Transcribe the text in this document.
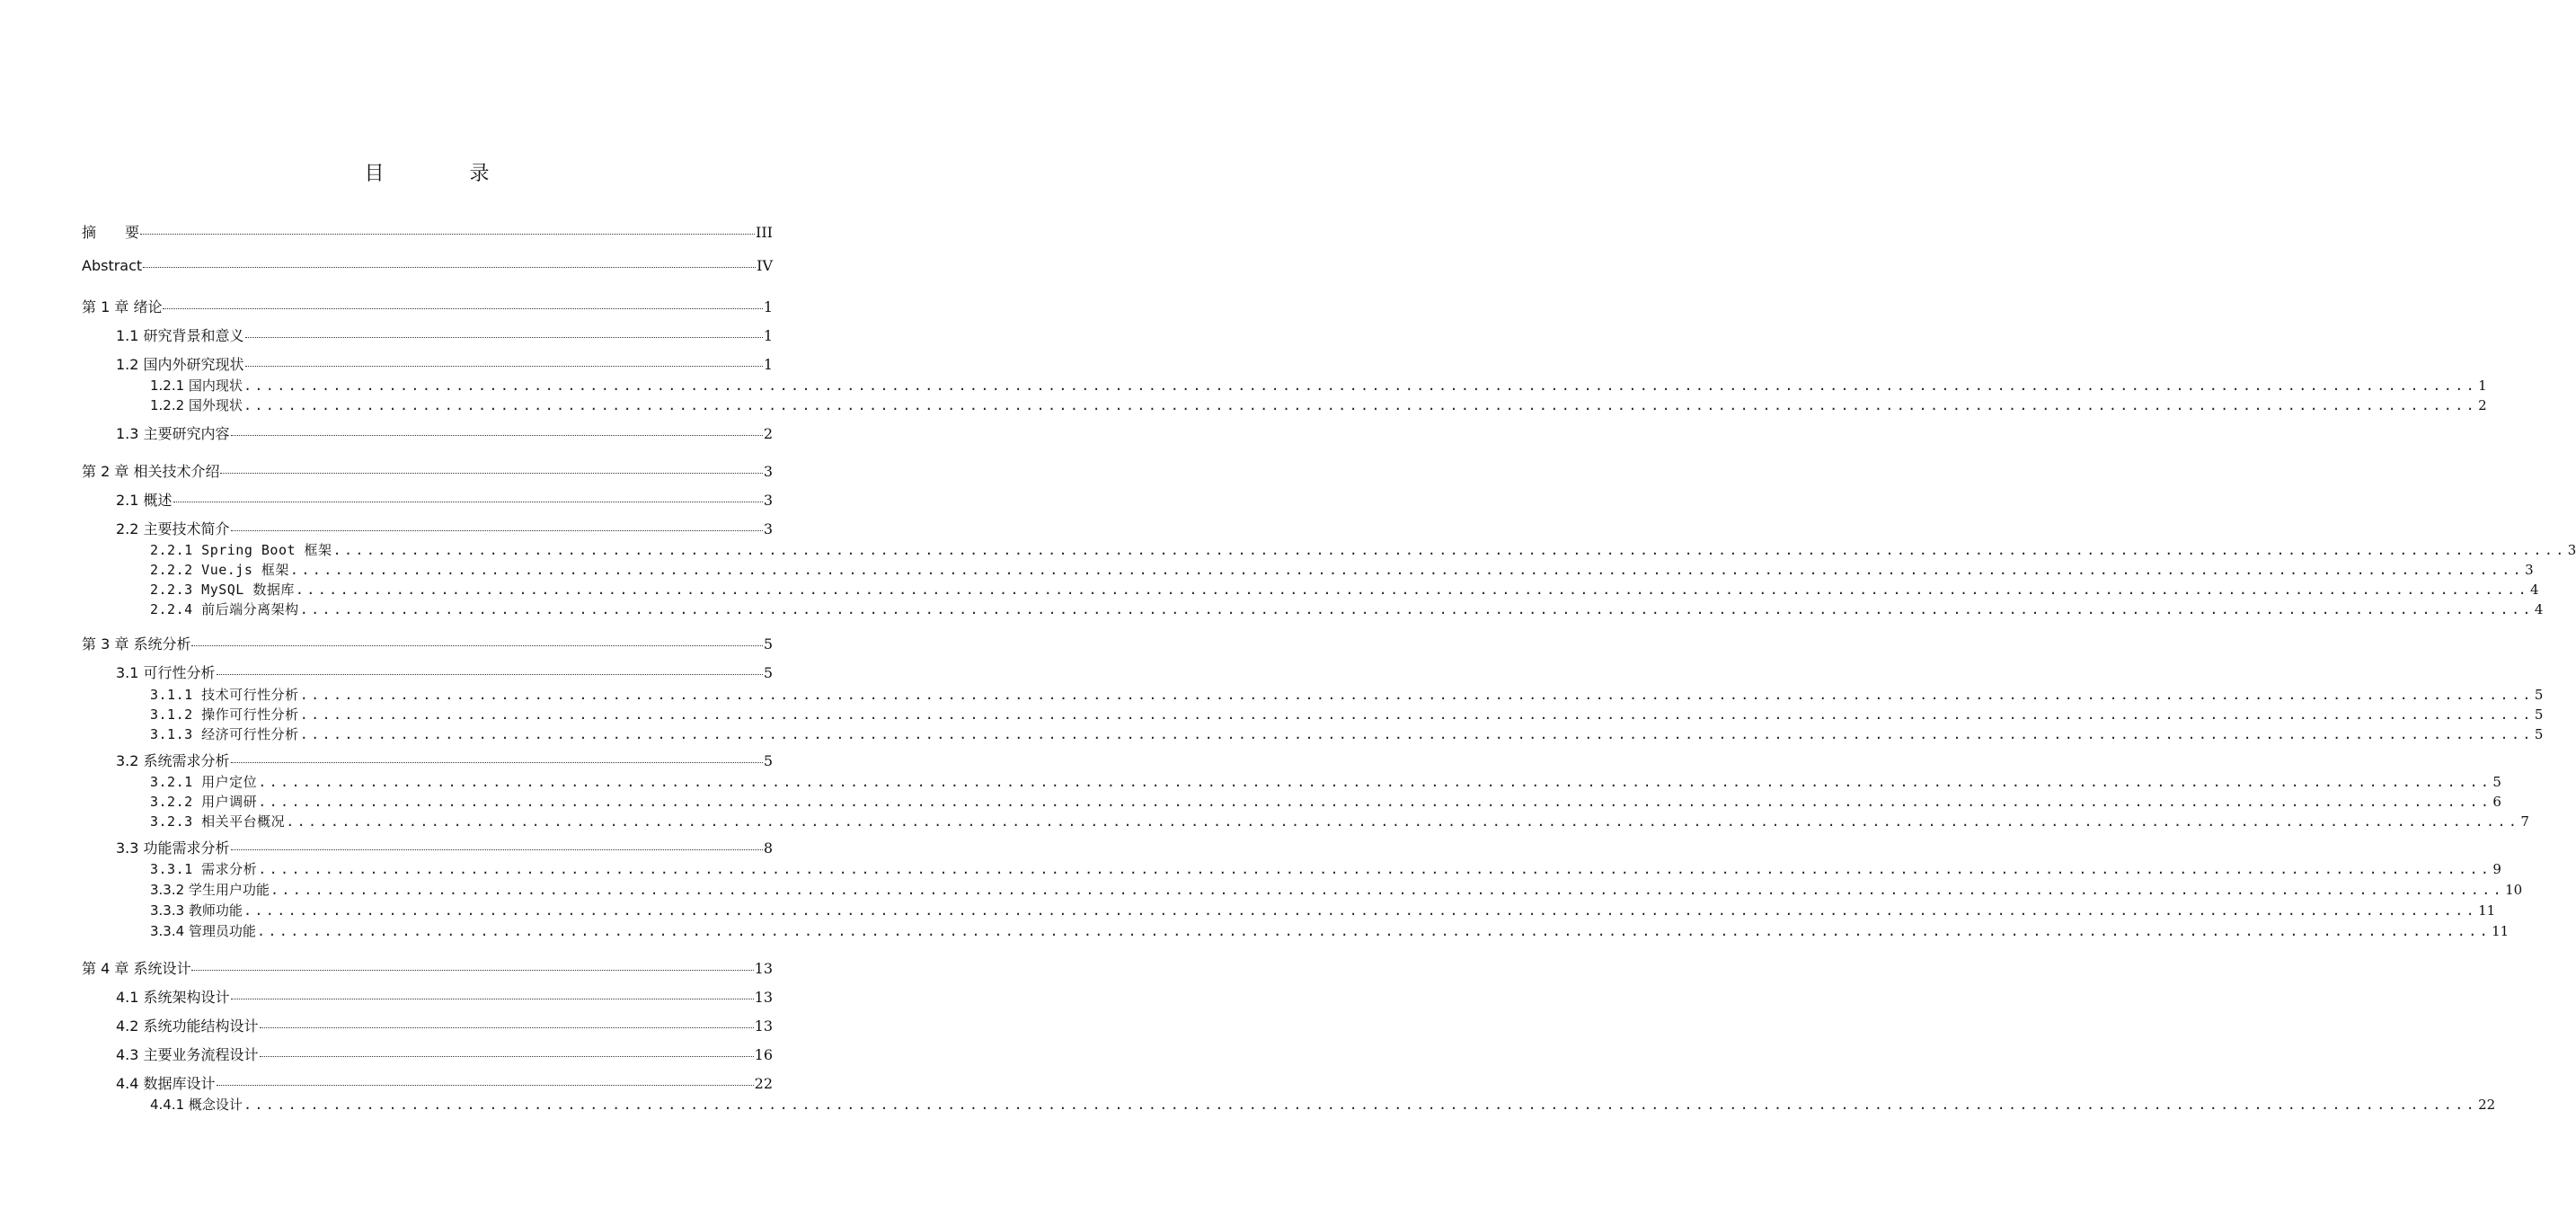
目 录
摘　　要	III
Abstract	IV
第 1 章 绪论	1
1.1 研究背景和意义	1
1.2 国内外研究现状	1
1.2.1 国内现状 ........................................................................................................................................................................................................ 1
1.2.2 国外现状 ........................................................................................................................................................................................................ 2
1.3 主要研究内容	2
第 2 章 相关技术介绍	3
2.1 概述	3
2.2 主要技术简介	3
2.2.1 Spring Boot 框架 ........................................................................................................................................................................................................ 3
2.2.2 Vue.js 框架 ........................................................................................................................................................................................................ 3
2.2.3 MySQL 数据库 ........................................................................................................................................................................................................ 4
2.2.4 前后端分离架构 ........................................................................................................................................................................................................ 4
第 3 章 系统分析	5
3.1 可行性分析	5
3.1.1 技术可行性分析 ........................................................................................................................................................................................................ 5
3.1.2 操作可行性分析 ........................................................................................................................................................................................................ 5
3.1.3 经济可行性分析 ........................................................................................................................................................................................................ 5
3.2 系统需求分析	5
3.2.1 用户定位 ........................................................................................................................................................................................................ 5
3.2.2 用户调研 ........................................................................................................................................................................................................ 6
3.2.3 相关平台概况 ........................................................................................................................................................................................................ 7
3.3 功能需求分析	8
3.3.1 需求分析 ........................................................................................................................................................................................................ 9
3.3.2 学生用户功能 ........................................................................................................................................................................................................ 10
3.3.3 教师功能 ........................................................................................................................................................................................................ 11
3.3.4 管理员功能 ........................................................................................................................................................................................................ 11
第 4 章 系统设计	13
4.1 系统架构设计	13
4.2 系统功能结构设计	13
4.3 主要业务流程设计	16
4.4 数据库设计	22
4.4.1 概念设计 ........................................................................................................................................................................................................ 22
